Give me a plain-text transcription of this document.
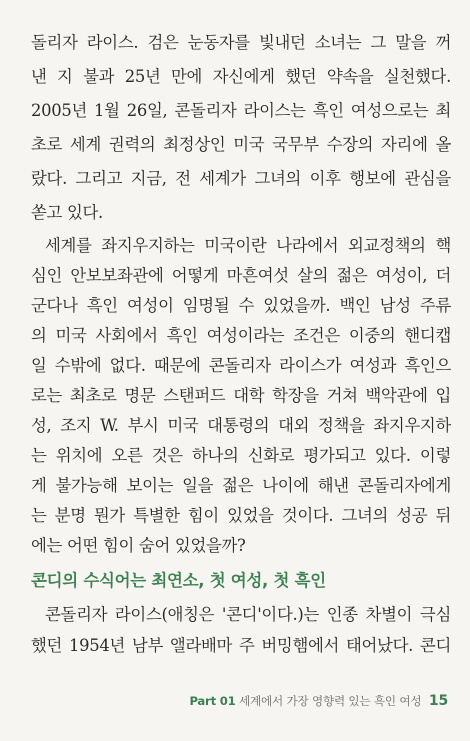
돌리자 라이스. 검은 눈동자를 빛내던 소녀는 그 말을 꺼
낸 지 불과 25년 만에 자신에게 했던 약속을 실천했다.
2005년 1월 26일, 콘돌리자 라이스는 흑인 여성으로는 최
초로 세계 권력의 최정상인 미국 국무부 수장의 자리에 올
랐다. 그리고 지금, 전 세계가 그녀의 이후 행보에 관심을
쏟고 있다.
세계를 좌지우지하는 미국이란 나라에서 외교정책의 핵
심인 안보보좌관에 어떻게 마흔여섯 살의 젊은 여성이, 더
군다나 흑인 여성이 임명될 수 있었을까. 백인 남성 주류
의 미국 사회에서 흑인 여성이라는 조건은 이중의 핸디캡
일 수밖에 없다. 때문에 콘돌리자 라이스가 여성과 흑인으
로는 최초로 명문 스탠퍼드 대학 학장을 거쳐 백악관에 입
성, 조지 W. 부시 미국 대통령의 대외 정책을 좌지우지하
는 위치에 오른 것은 하나의 신화로 평가되고 있다. 이렇
게 불가능해 보이는 일을 젊은 나이에 해낸 콘돌리자에게
는 분명 뭔가 특별한 힘이 있었을 것이다. 그녀의 성공 뒤
에는 어떤 힘이 숨어 있었을까?
콘디의 수식어는 최연소, 첫 여성, 첫 흑인
콘돌리자 라이스(애칭은 '콘디'이다.)는 인종 차별이 극심
했던 1954년 남부 앨라배마 주 버밍햄에서 태어났다. 콘디
Part 01 세계에서 가장 영향력 있는 흑인 여성 15
